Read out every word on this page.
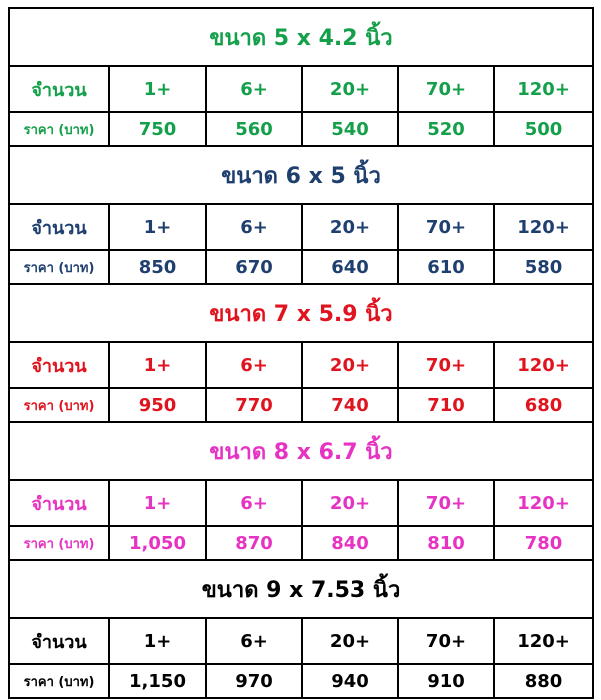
ขนาด 5 x 4.2 นิ้ว					
จำนวน	1+	6+	20+	70+	120+
ราคา (บาท)	750	560	540	520	500
ขนาด 6 x 5 นิ้ว					
จำนวน	1+	6+	20+	70+	120+
ราคา (บาท)	850	670	640	610	580
ขนาด 7 x 5.9 นิ้ว					
จำนวน	1+	6+	20+	70+	120+
ราคา (บาท)	950	770	740	710	680
ขนาด 8 x 6.7 นิ้ว					
จำนวน	1+	6+	20+	70+	120+
ราคา (บาท)	1,050	870	840	810	780
ขนาด 9 x 7.53 นิ้ว					
จำนวน	1+	6+	20+	70+	120+
ราคา (บาท)	1,150	970	940	910	880
